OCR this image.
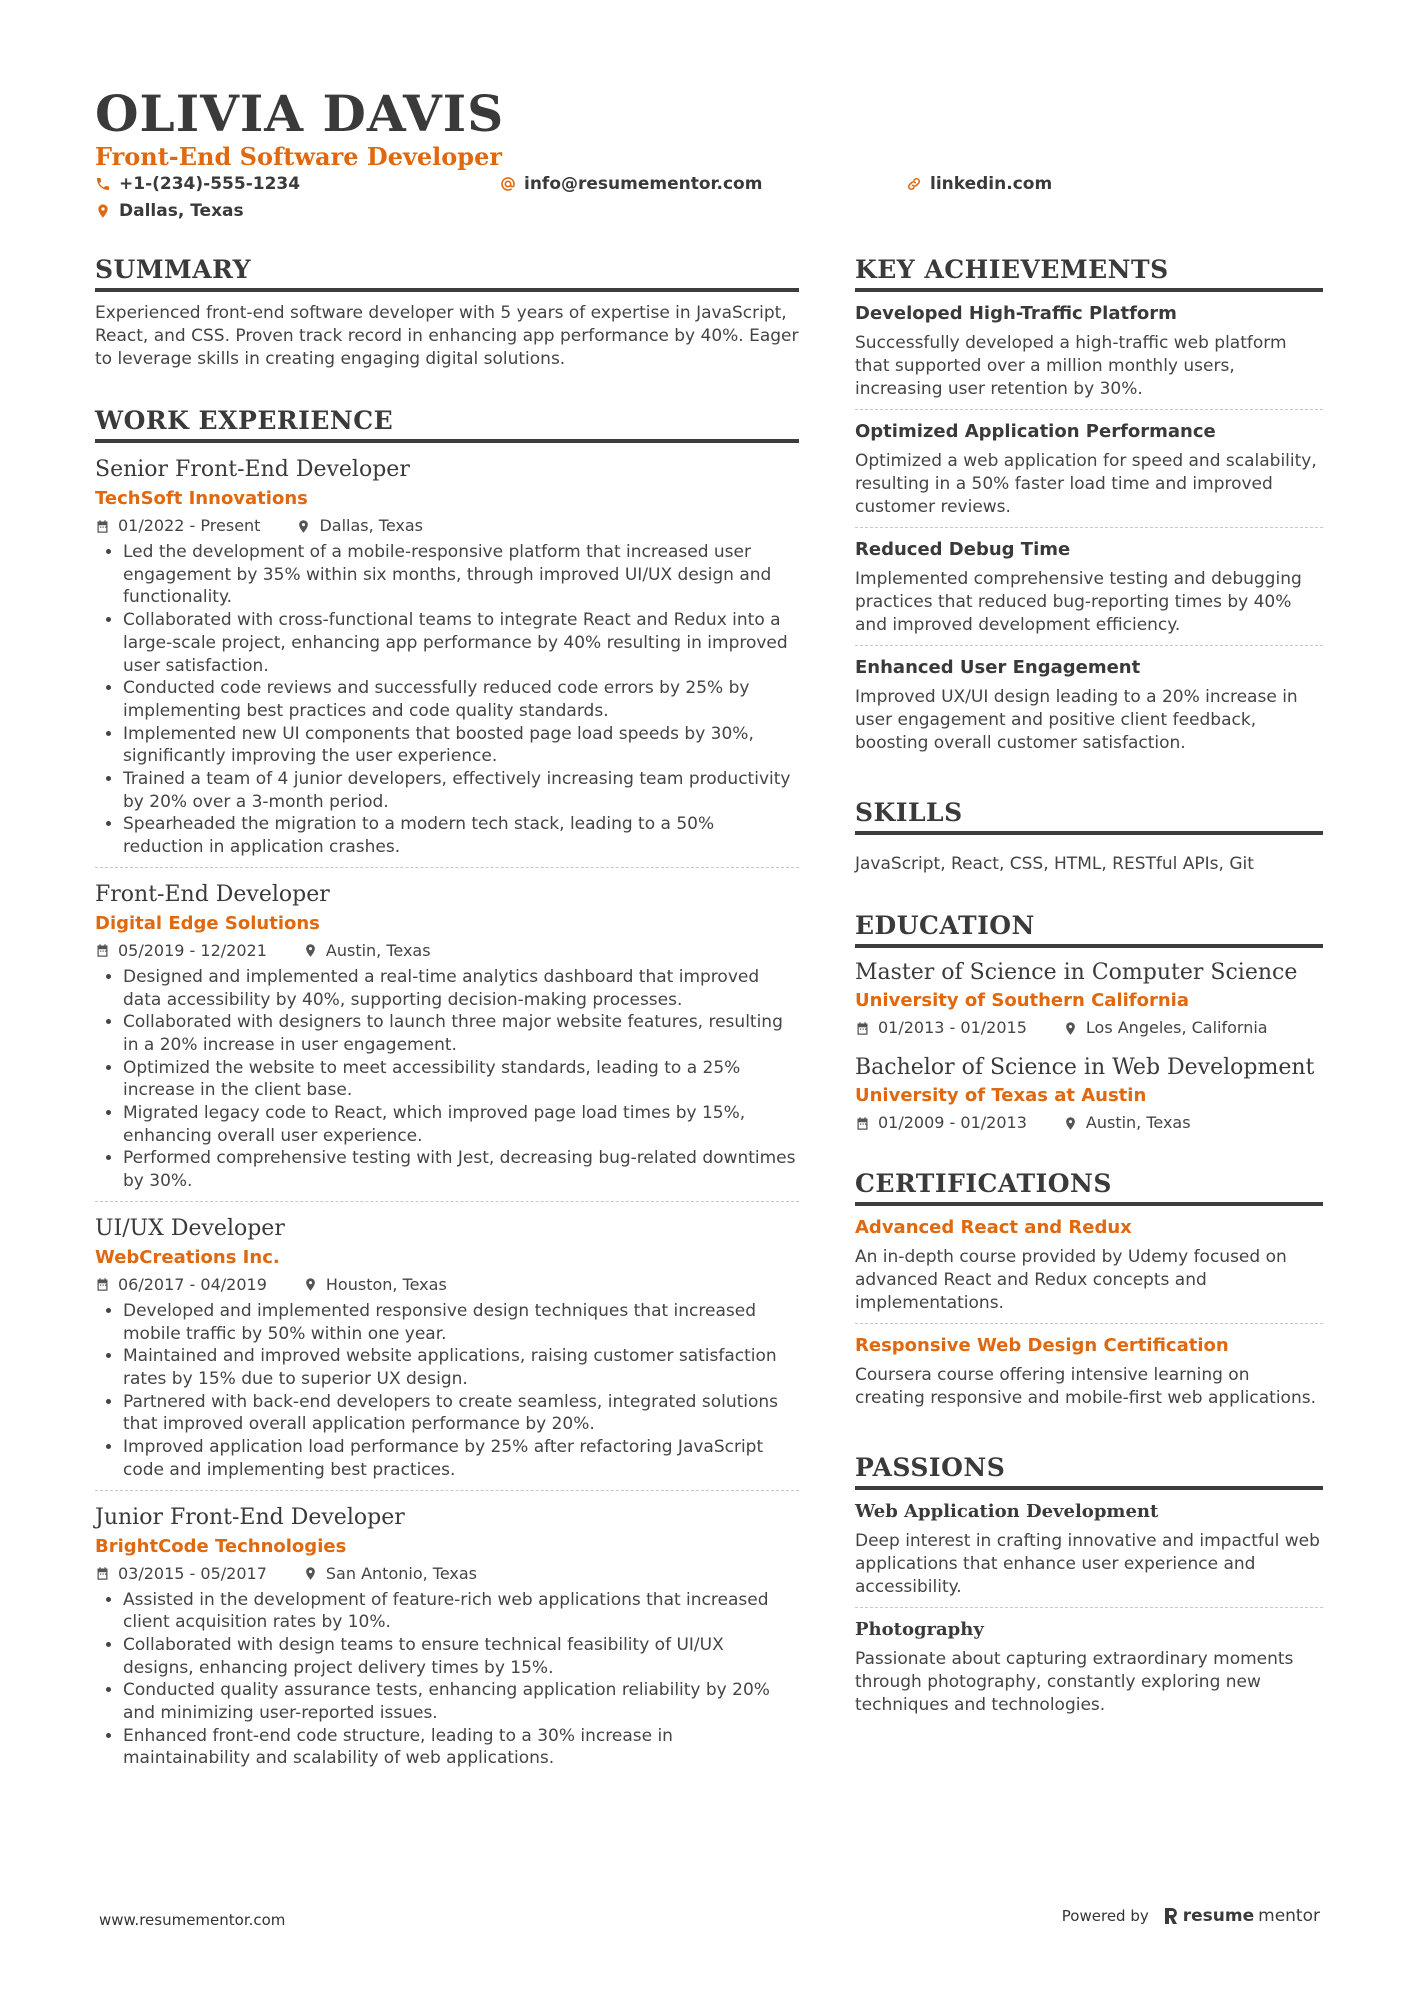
OLIVIA DAVIS
Front-End Software Developer
+1-(234)-555-1234	info@resumementor.com	linkedin.com
Dallas, Texas
SUMMARY

Experienced front-end software developer with 5 years of expertise in JavaScript, React, and CSS. Proven track record in enhancing app performance by 40%. Eager to leverage skills in creating engaging digital solutions.

WORK EXPERIENCE
Senior Front-End Developer
TechSoft Innovations
01/2022 - Present	Dallas, Texas
• Led the development of a mobile-responsive platform that increased user engagement by 35% within six months, through improved UI/UX design and functionality.
• Collaborated with cross-functional teams to integrate React and Redux into a large-scale project, enhancing app performance by 40% resulting in improved user satisfaction.
• Conducted code reviews and successfully reduced code errors by 25% by implementing best practices and code quality standards.
• Implemented new UI components that boosted page load speeds by 30%, significantly improving the user experience.
• Trained a team of 4 junior developers, effectively increasing team productivity by 20% over a 3-month period.
• Spearheaded the migration to a modern tech stack, leading to a 50% reduction in application crashes.
Front-End Developer
Digital Edge Solutions
05/2019 - 12/2021	Austin, Texas
• Designed and implemented a real-time analytics dashboard that improved data accessibility by 40%, supporting decision-making processes.
• Collaborated with designers to launch three major website features, resulting in a 20% increase in user engagement.
• Optimized the website to meet accessibility standards, leading to a 25% increase in the client base.
• Migrated legacy code to React, which improved page load times by 15%, enhancing overall user experience.
• Performed comprehensive testing with Jest, decreasing bug-related downtimes by 30%.
UI/UX Developer
WebCreations Inc.
06/2017 - 04/2019	Houston, Texas
• Developed and implemented responsive design techniques that increased mobile traffic by 50% within one year.
• Maintained and improved website applications, raising customer satisfaction rates by 15% due to superior UX design.
• Partnered with back-end developers to create seamless, integrated solutions that improved overall application performance by 20%.
• Improved application load performance by 25% after refactoring JavaScript code and implementing best practices.
Junior Front-End Developer
BrightCode Technologies
03/2015 - 05/2017	San Antonio, Texas
• Assisted in the development of feature-rich web applications that increased client acquisition rates by 10%.
• Collaborated with design teams to ensure technical feasibility of UI/UX designs, enhancing project delivery times by 15%.
• Conducted quality assurance tests, enhancing application reliability by 20% and minimizing user-reported issues.
• Enhanced front-end code structure, leading to a 30% increase in maintainability and scalability of web applications.
KEY ACHIEVEMENTS
Developed High-Traffic Platform

Successfully developed a high-traffic web platform that supported over a million monthly users, increasing user retention by 30%.

Optimized Application Performance

Optimized a web application for speed and scalability, resulting in a 50% faster load time and improved customer reviews.

Reduced Debug Time

Implemented comprehensive testing and debugging practices that reduced bug-reporting times by 40% and improved development efficiency.

Enhanced User Engagement

Improved UX/UI design leading to a 20% increase in user engagement and positive client feedback, boosting overall customer satisfaction.

SKILLS

JavaScript, React, CSS, HTML, RESTful APIs, Git

EDUCATION
Master of Science in Computer Science
University of Southern California
01/2013 - 01/2015	Los Angeles, California
Bachelor of Science in Web Development
University of Texas at Austin
01/2009 - 01/2013	Austin, Texas
CERTIFICATIONS
Advanced React and Redux

An in-depth course provided by Udemy focused on advanced React and Redux concepts and implementations.

Responsive Web Design Certification

Coursera course offering intensive learning on creating responsive and mobile-first web applications.

PASSIONS
Web Application Development

Deep interest in crafting innovative and impactful web applications that enhance user experience and accessibility.

Photography

Passionate about capturing extraordinary moments through photography, constantly exploring new techniques and technologies.

www.resumementor.com	Powered by resume mentor
